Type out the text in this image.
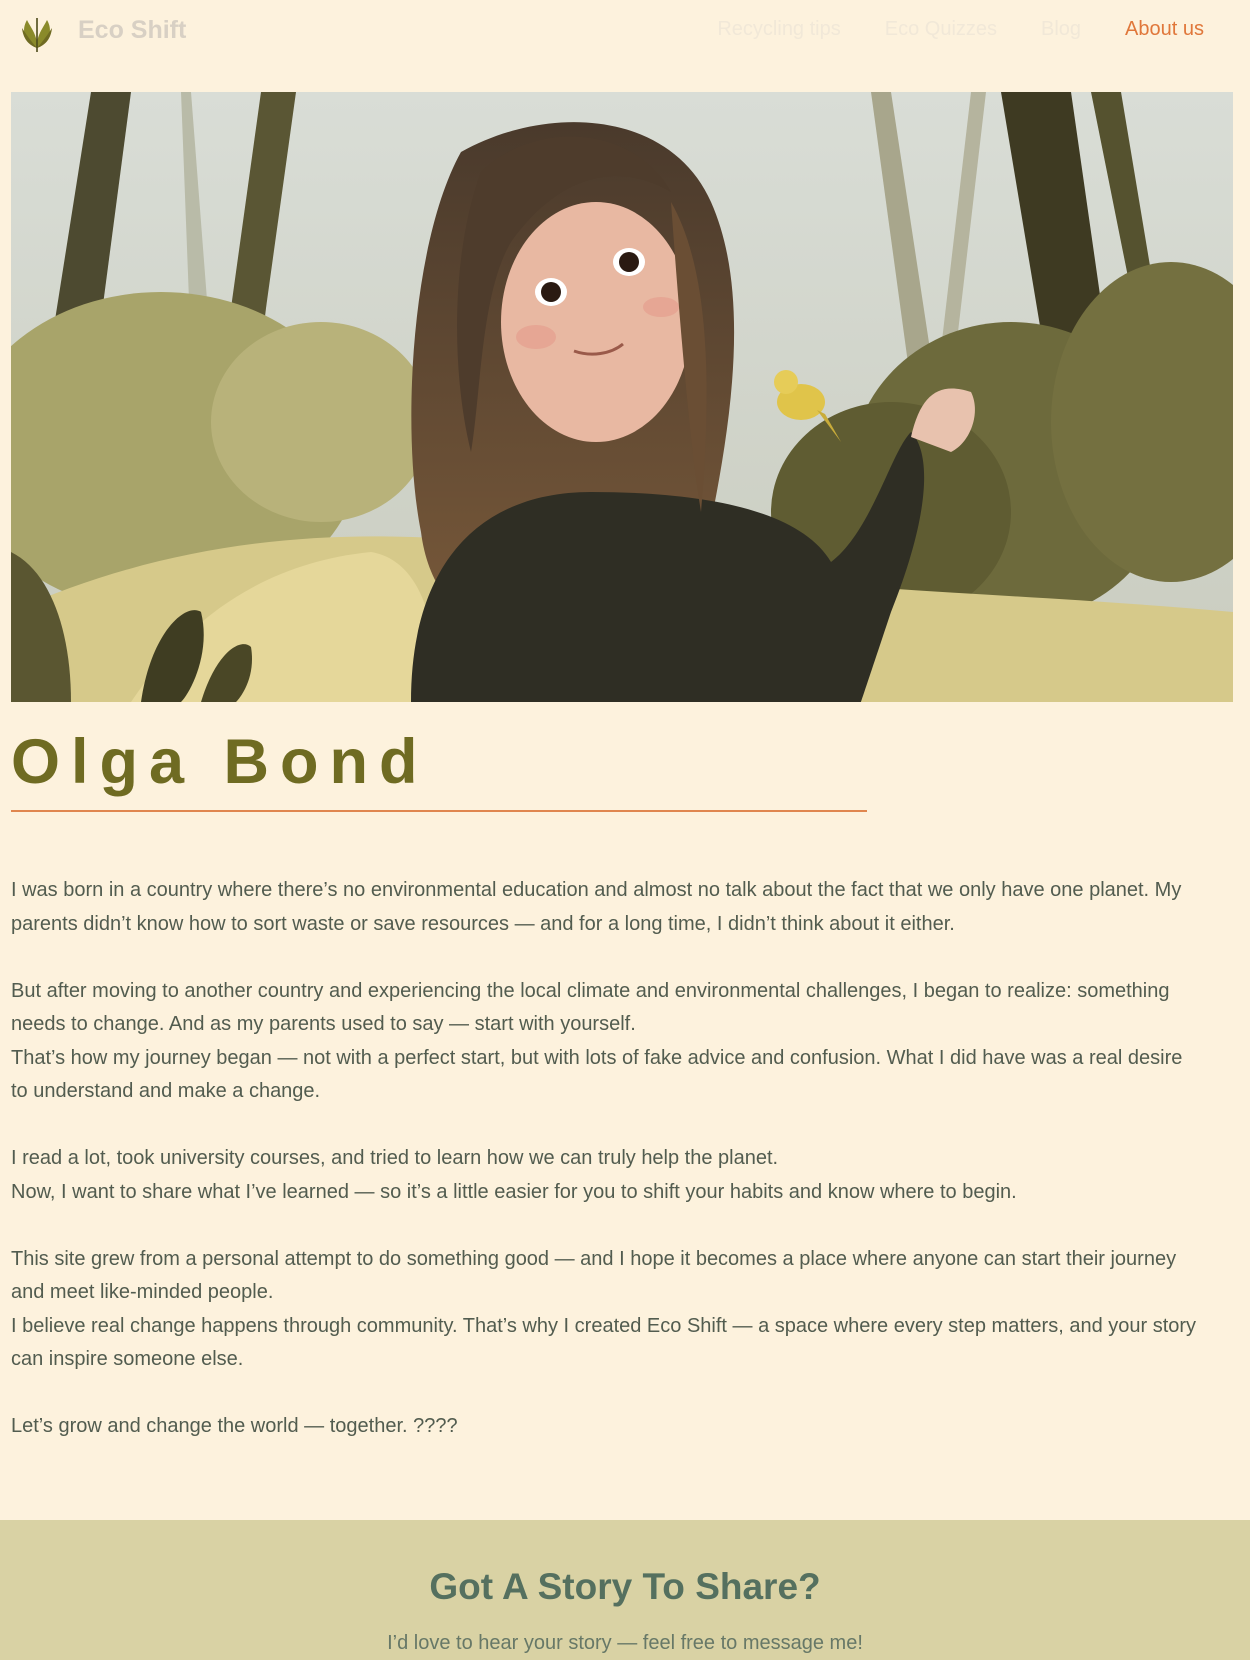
Eco Shift	Recycling tips Eco Quizzes Blog About us
Olga Bond

I was born in a country where there’s no environmental education and almost no talk about the fact that we only have one planet. My parents didn’t know how to sort waste or save resources — and for a long time, I didn’t think about it either.

But after moving to another country and experiencing the local climate and environmental challenges, I began to realize: something needs to change. And as my parents used to say — start with yourself.
That’s how my journey began — not with a perfect start, but with lots of fake advice and confusion. What I did have was a real desire to understand and make a change.

I read a lot, took university courses, and tried to learn how we can truly help the planet.
Now, I want to share what I’ve learned — so it’s a little easier for you to shift your habits and know where to begin.

This site grew from a personal attempt to do something good — and I hope it becomes a place where anyone can start their journey and meet like-minded people.
I believe real change happens through community. That’s why I created Eco Shift — a space where every step matters, and your story can inspire someone else.

Let’s grow and change the world — together. ????

Got A Story To Share?

I’d love to hear your story — feel free to message me!
